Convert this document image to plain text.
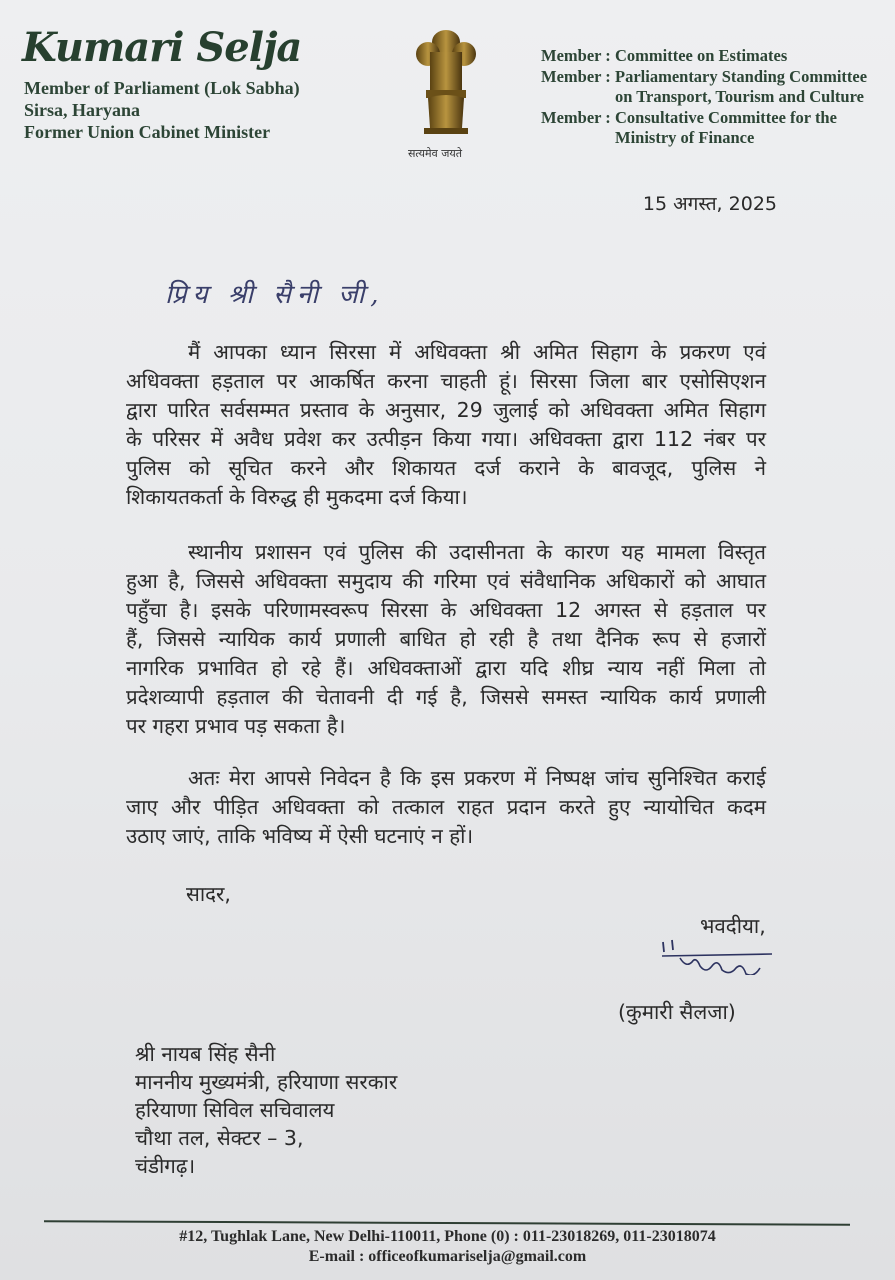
Kumari Selja
Member of Parliament (Lok Sabha)
Sirsa, Haryana
Former Union Cabinet Minister
सत्यमेव जयते
Member : Committee on Estimates
Member : Parliamentary Standing Committee
on Transport, Tourism and Culture
Member : Consultative Committee for the
Ministry of Finance
15 अगस्त, 2025
प्रिय श्री सैनी जी,
मैं आपका ध्यान सिरसा में अधिवक्ता श्री अमित सिहाग के प्रकरण एवं
अधिवक्ता हड़ताल पर आकर्षित करना चाहती हूं। सिरसा जिला बार एसोसिएशन
द्वारा पारित सर्वसम्मत प्रस्ताव के अनुसार, 29 जुलाई को अधिवक्ता अमित सिहाग
के परिसर में अवैध प्रवेश कर उत्पीड़न किया गया। अधिवक्ता द्वारा 112 नंबर पर
पुलिस को सूचित करने और शिकायत दर्ज कराने के बावजूद, पुलिस ने
शिकायतकर्ता के विरुद्ध ही मुकदमा दर्ज किया।
स्थानीय प्रशासन एवं पुलिस की उदासीनता के कारण यह मामला विस्तृत
हुआ है, जिससे अधिवक्ता समुदाय की गरिमा एवं संवैधानिक अधिकारों को आघात
पहुँचा है। इसके परिणामस्वरूप सिरसा के अधिवक्ता 12 अगस्त से हड़ताल पर
हैं, जिससे न्यायिक कार्य प्रणाली बाधित हो रही है तथा दैनिक रूप से हजारों
नागरिक प्रभावित हो रहे हैं। अधिवक्ताओं द्वारा यदि शीघ्र न्याय नहीं मिला तो
प्रदेशव्यापी हड़ताल की चेतावनी दी गई है, जिससे समस्त न्यायिक कार्य प्रणाली
पर गहरा प्रभाव पड़ सकता है।
अतः मेरा आपसे निवेदन है कि इस प्रकरण में निष्पक्ष जांच सुनिश्चित कराई
जाए और पीड़ित अधिवक्ता को तत्काल राहत प्रदान करते हुए न्यायोचित कदम
उठाए जाएं, ताकि भविष्य में ऐसी घटनाएं न हों।
सादर,
भवदीया,
(कुमारी सैलजा)
श्री नायब सिंह सैनी
माननीय मुख्यमंत्री, हरियाणा सरकार
हरियाणा सिविल सचिवालय
चौथा तल, सेक्टर – 3,
चंडीगढ़।
#12, Tughlak Lane, New Delhi-110011, Phone (0) : 011-23018269, 011-23018074
E-mail : officeofkumariselja@gmail.com
